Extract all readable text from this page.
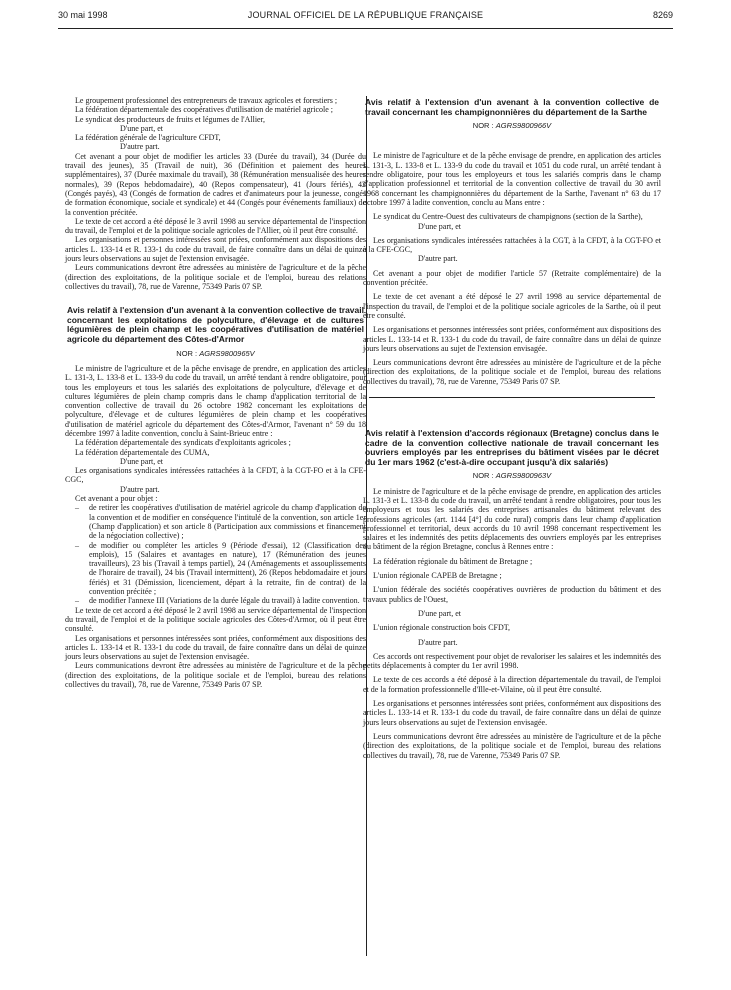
30 mai 1998	JOURNAL OFFICIEL DE LA RÉPUBLIQUE FRANÇAISE	8269

Le groupement professionnel des entrepreneurs de travaux agricoles et forestiers ;

La fédération départementale des coopératives d'utilisation de matériel agricole ;

Le syndicat des producteurs de fruits et légumes de l'Allier,

D'une part, et

La fédération générale de l'agriculture CFDT,

D'autre part.

Cet avenant a pour objet de modifier les articles 33 (Durée du travail), 34 (Durée du travail des jeunes), 35 (Travail de nuit), 36 (Définition et paiement des heures supplémentaires), 37 (Durée maximale du travail), 38 (Rémunération mensualisée des heures normales), 39 (Repos hebdomadaire), 40 (Repos compensateur), 41 (Jours fériés), 42 (Congés payés), 43 (Congés de formation de cadres et d'animateurs pour la jeunesse, congés de formation économique, sociale et syndicale) et 44 (Congés pour événements familiaux) de la convention précitée.

Le texte de cet accord a été déposé le 3 avril 1998 au service départemental de l'inspection du travail, de l'emploi et de la politique sociale agricoles de l'Allier, où il peut être consulté.

Les organisations et personnes intéressées sont priées, conformément aux dispositions des articles L. 133-14 et R. 133-1 du code du travail, de faire connaître dans un délai de quinze jours leurs observations au sujet de l'extension envisagée.

Leurs communications devront être adressées au ministère de l'agriculture et de la pêche (direction des exploitations, de la politique sociale et de l'emploi, bureau des relations collectives du travail), 78, rue de Varenne, 75349 Paris 07 SP.

Avis relatif à l'extension d'un avenant à la convention collective de travail concernant les exploitations de polyculture, d'élevage et de cultures légumières de plein champ et les coopératives d'utilisation de matériel agricole du département des Côtes-d'Armor
NOR : AGRS9800965V

Le ministre de l'agriculture et de la pêche envisage de prendre, en application des articles L. 131-3, L. 133-8 et L. 133-9 du code du travail, un arrêté tendant à rendre obligatoire, pour tous les employeurs et tous les salariés des exploitations de polyculture, d'élevage et de cultures légumières de plein champ compris dans le champ d'application territorial de la convention collective de travail du 26 octobre 1982 concernant les exploitations de polyculture, d'élevage et de cultures légumières de plein champ et les coopératives d'utilisation de matériel agricole du département des Côtes-d'Armor, l'avenant n° 59 du 18 décembre 1997 à ladite convention, conclu à Saint-Brieuc entre :

La fédération départementale des syndicats d'exploitants agricoles ;

La fédération départementale des CUMA,

D'une part, et

Les organisations syndicales intéressées rattachées à la CFDT, à la CGT-FO et à la CFE-CGC,

D'autre part.

Cet avenant a pour objet :

– de retirer les coopératives d'utilisation de matériel agricole du champ d'application de la convention et de modifier en conséquence l'intitulé de la convention, son article 1er (Champ d'application) et son article 8 (Participation aux commissions et financement de la négociation collective) ;
– de modifier ou compléter les articles 9 (Période d'essai), 12 (Classification des emplois), 15 (Salaires et avantages en nature), 17 (Rémunération des jeunes travailleurs), 23 bis (Travail à temps partiel), 24 (Aménagements et assouplissements de l'horaire de travail), 24 bis (Travail intermittent), 26 (Repos hebdomadaire et jours fériés) et 31 (Démission, licenciement, départ à la retraite, fin de contrat) de la convention précitée ;
– de modifier l'annexe III (Variations de la durée légale du travail) à ladite convention.

Le texte de cet accord a été déposé le 2 avril 1998 au service départemental de l'inspection du travail, de l'emploi et de la politique sociale agricoles des Côtes-d'Armor, où il peut être consulté.

Les organisations et personnes intéressées sont priées, conformément aux dispositions des articles L. 133-14 et R. 133-1 du code du travail, de faire connaître dans un délai de quinze jours leurs observations au sujet de l'extension envisagée.

Leurs communications devront être adressées au ministère de l'agriculture et de la pêche (direction des exploitations, de la politique sociale et de l'emploi, bureau des relations collectives du travail), 78, rue de Varenne, 75349 Paris 07 SP.

Avis relatif à l'extension d'un avenant à la convention collective de travail concernant les champignonnières du département de la Sarthe
NOR : AGRS9800966V

Le ministre de l'agriculture et de la pêche envisage de prendre, en application des articles L. 131-3, L. 133-8 et L. 133-9 du code du travail et 1051 du code rural, un arrêté tendant à rendre obligatoire, pour tous les employeurs et tous les salariés compris dans le champ d'application professionnel et territorial de la convention collective de travail du 30 avril 1968 concernant les champignonnières du département de la Sarthe, l'avenant n° 63 du 17 octobre 1997 à ladite convention, conclu au Mans entre :

Le syndicat du Centre-Ouest des cultivateurs de champignons (section de la Sarthe),

D'une part, et

Les organisations syndicales intéressées rattachées à la CGT, à la CFDT, à la CGT-FO et à la CFE-CGC,

D'autre part.

Cet avenant a pour objet de modifier l'article 57 (Retraite complémentaire) de la convention précitée.

Le texte de cet avenant a été déposé le 27 avril 1998 au service départemental de l'inspection du travail, de l'emploi et de la politique sociale agricoles de la Sarthe, où il peut être consulté.

Les organisations et personnes intéressées sont priées, conformément aux dispositions des articles L. 133-14 et R. 133-1 du code du travail, de faire connaître dans un délai de quinze jours leurs observations au sujet de l'extension envisagée.

Leurs communications devront être adressées au ministère de l'agriculture et de la pêche (direction des exploitations, de la politique sociale et de l'emploi, bureau des relations collectives du travail), 78, rue de Varenne, 75349 Paris 07 SP.

Avis relatif à l'extension d'accords régionaux (Bretagne) conclus dans le cadre de la convention collective nationale de travail concernant les ouvriers employés par les entreprises du bâtiment visées par le décret du 1er mars 1962 (c'est-à-dire occupant jusqu'à dix salariés)
NOR : AGRS9800963V

Le ministre de l'agriculture et de la pêche envisage de prendre, en application des articles L. 131-3 et L. 133-8 du code du travail, un arrêté tendant à rendre obligatoires, pour tous les employeurs et tous les salariés des entreprises artisanales du bâtiment relevant des professions agricoles (art. 1144 [4°] du code rural) compris dans leur champ d'application professionnel et territorial, deux accords du 10 avril 1998 concernant respectivement les salaires et les indemnités des petits déplacements des ouvriers employés par les entreprises du bâtiment de la région Bretagne, conclus à Rennes entre :

La fédération régionale du bâtiment de Bretagne ;

L'union régionale CAPEB de Bretagne ;

L'union fédérale des sociétés coopératives ouvrières de production du bâtiment et des travaux publics de l'Ouest,

D'une part, et

L'union régionale construction bois CFDT,

D'autre part.

Ces accords ont respectivement pour objet de revaloriser les salaires et les indemnités des petits déplacements à compter du 1er avril 1998.

Le texte de ces accords a été déposé à la direction départementale du travail, de l'emploi et de la formation professionnelle d'Ille-et-Vilaine, où il peut être consulté.

Les organisations et personnes intéressées sont priées, conformément aux dispositions des articles L. 133-14 et R. 133-1 du code du travail, de faire connaître dans un délai de quinze jours leurs observations au sujet de l'extension envisagée.

Leurs communications devront être adressées au ministère de l'agriculture et de la pêche (direction des exploitations, de la politique sociale et de l'emploi, bureau des relations collectives du travail), 78, rue de Varenne, 75349 Paris 07 SP.
